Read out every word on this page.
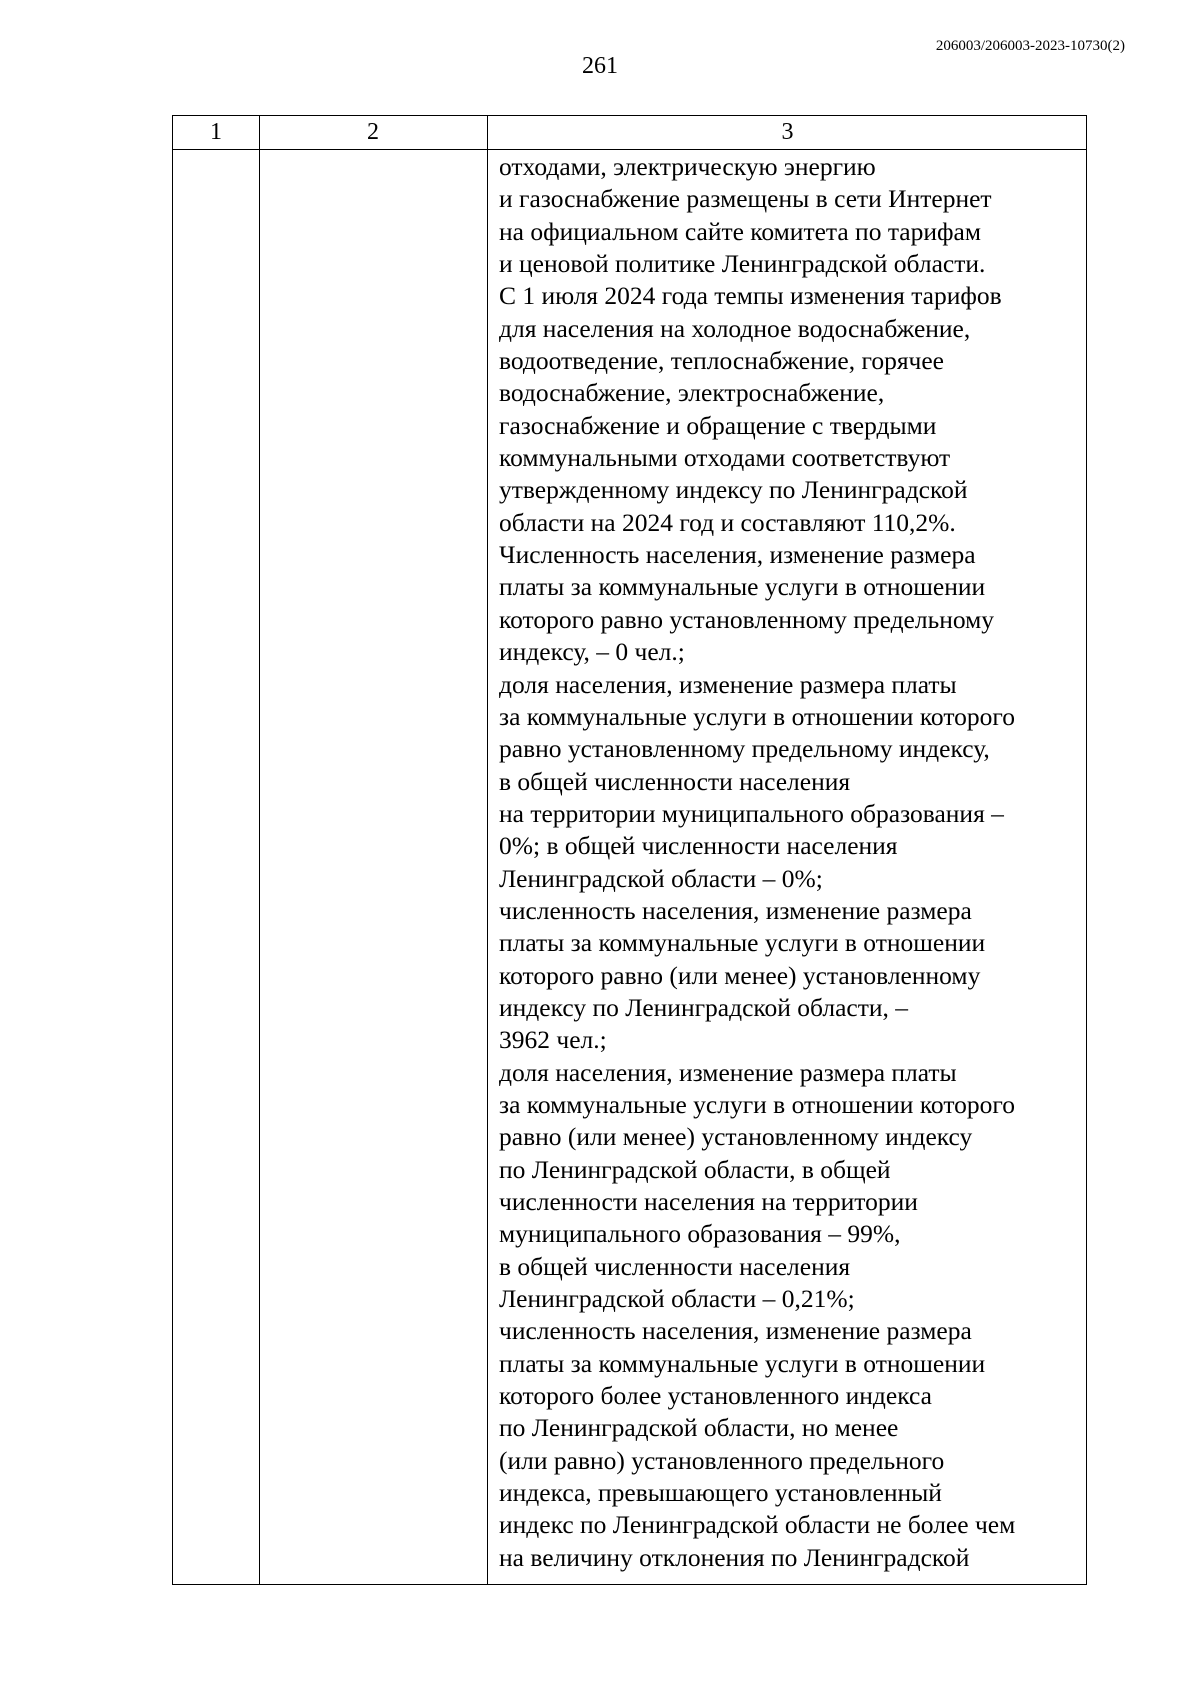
206003/206003-2023-10730(2)
261
1	2	3
отходами, электрическую энергию
и газоснабжение размещены в сети Интернет
на официальном сайте комитета по тарифам
и ценовой политике Ленинградской области.
С 1 июля 2024 года темпы изменения тарифов
для населения на холодное водоснабжение,
водоотведение, теплоснабжение, горячее
водоснабжение, электроснабжение,
газоснабжение и обращение с твердыми
коммунальными отходами соответствуют
утвержденному индексу по Ленинградской
области на 2024 год и составляют 110,2%.
Численность населения, изменение размера
платы за коммунальные услуги в отношении
которого равно установленному предельному
индексу, – 0 чел.;
доля населения, изменение размера платы
за коммунальные услуги в отношении которого
равно установленному предельному индексу,
в общей численности населения
на территории муниципального образования –
0%; в общей численности населения
Ленинградской области – 0%;
численность населения, изменение размера
платы за коммунальные услуги в отношении
которого равно (или менее) установленному
индексу по Ленинградской области, –
3962 чел.;
доля населения, изменение размера платы
за коммунальные услуги в отношении которого
равно (или менее) установленному индексу
по Ленинградской области, в общей
численности населения на территории
муниципального образования – 99%,
в общей численности населения
Ленинградской области – 0,21%;
численность населения, изменение размера
платы за коммунальные услуги в отношении
которого более установленного индекса
по Ленинградской области, но менее
(или равно) установленного предельного
индекса, превышающего установленный
индекс по Ленинградской области не более чем
на величину отклонения по Ленинградской
